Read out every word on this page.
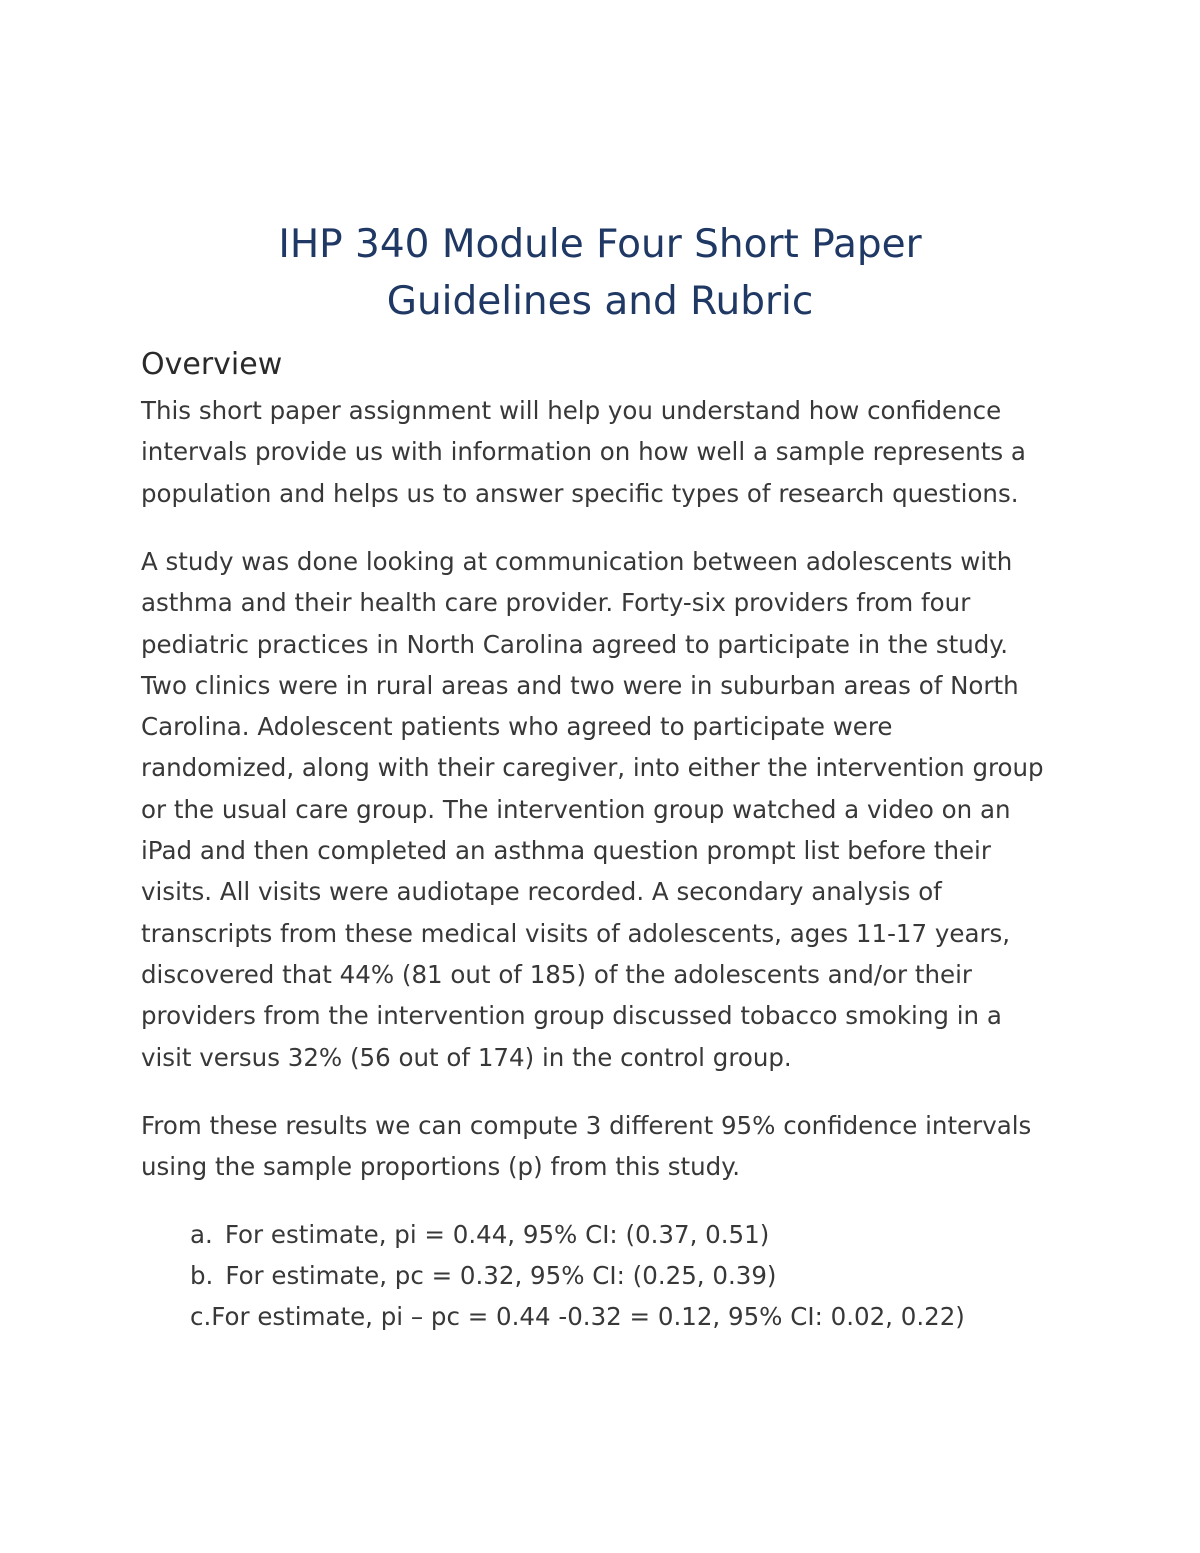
IHP 340 Module Four Short Paper
Guidelines and Rubric
Overview

This short paper assignment will help you understand how confidence
intervals provide us with information on how well a sample represents a
population and helps us to answer specific types of research questions.

A study was done looking at communication between adolescents with
asthma and their health care provider. Forty-six providers from four
pediatric practices in North Carolina agreed to participate in the study.
Two clinics were in rural areas and two were in suburban areas of North
Carolina. Adolescent patients who agreed to participate were
randomized, along with their caregiver, into either the intervention group
or the usual care group. The intervention group watched a video on an
iPad and then completed an asthma question prompt list before their
visits. All visits were audiotape recorded. A secondary analysis of
transcripts from these medical visits of adolescents, ages 11-17 years,
discovered that 44% (81 out of 185) of the adolescents and/or their
providers from the intervention group discussed tobacco smoking in a
visit versus 32% (56 out of 174) in the control group.

From these results we can compute 3 different 95% confidence intervals
using the sample proportions (p) from this study.

a. For estimate, pi = 0.44, 95% CI: (0.37, 0.51)
b. For estimate, pc = 0.32, 95% CI: (0.25, 0.39)
c.For estimate, pi – pc = 0.44 -0.32 = 0.12, 95% CI: 0.02, 0.22)
